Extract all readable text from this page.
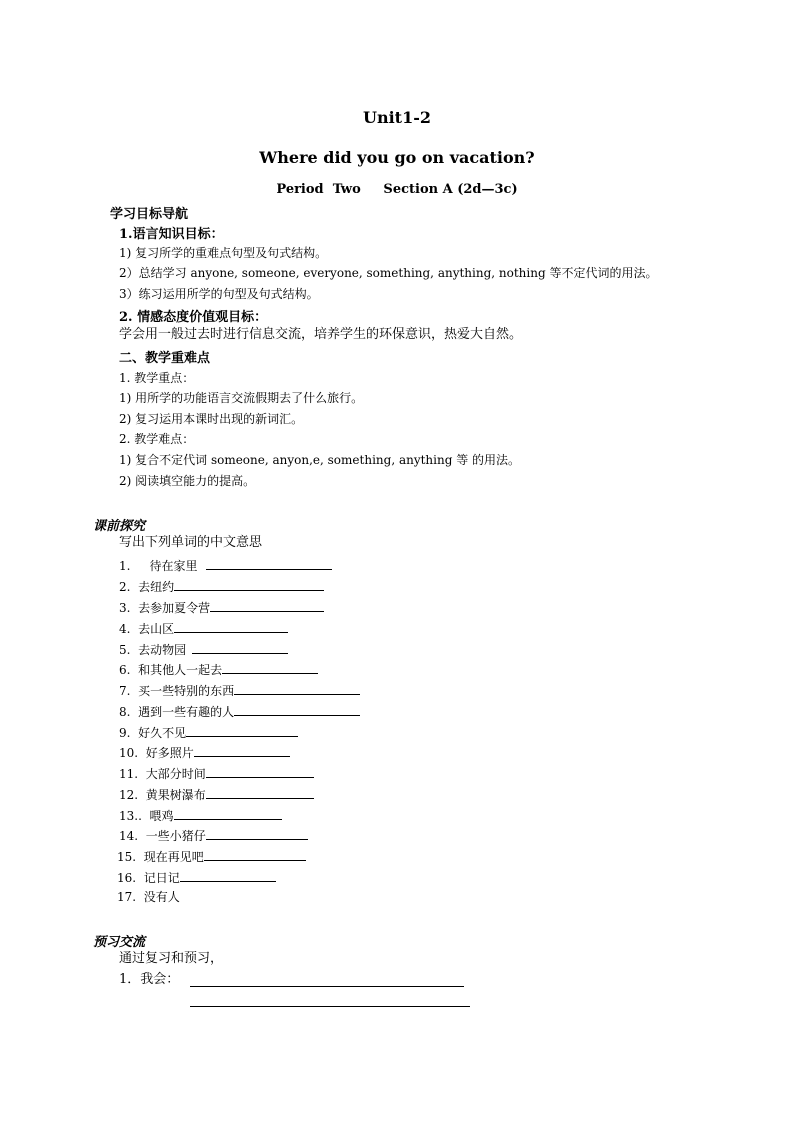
Unit1-2
Where did you go on vacation?
Period  Two     Section A (2d—3c)
学习目标导航
1.语言知识目标：
1) 复习所学的重难点句型及句式结构。
2）总结学习 anyone, someone, everyone, something, anything, nothing 等不定代词的用法。
3）练习运用所学的句型及句式结构。
2. 情感态度价值观目标：
学会用一般过去时进行信息交流，培养学生的环保意识，热爱大自然。
二、教学重难点
1. 教学重点：
1) 用所学的功能语言交流假期去了什么旅行。
2) 复习运用本课时出现的新词汇。
2. 教学难点：
1) 复合不定代词 someone, anyon,e, something, anything 等 的用法。
2) 阅读填空能力的提高。
课前探究
写出下列单词的中文意思
1.     待在家里
2.  去纽约
3.  去参加夏令营
4.  去山区
5.  去动物园
6.  和其他人一起去
7.  买一些特别的东西
8.  遇到一些有趣的人
9.  好久不见
10.  好多照片
11.  大部分时间
12.  黄果树瀑布
13..  喂鸡
14.  一些小猪仔
15.  现在再见吧
16.  记日记
17.  没有人
预习交流
通过复习和预习，
1．我会：
